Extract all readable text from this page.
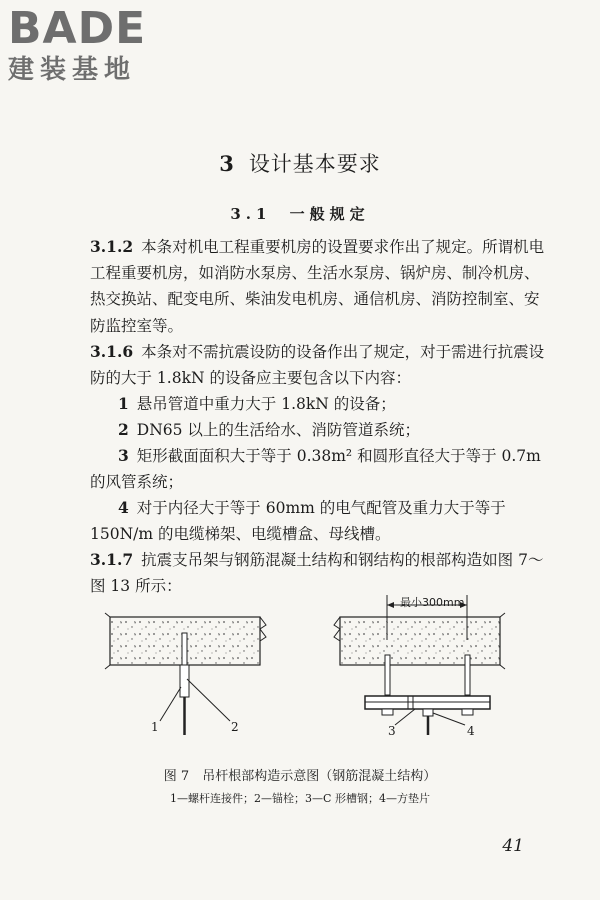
BADE
建装基地
3 设计基本要求
3.1 一般规定
3.1.2 本条对机电工程重要机房的设置要求作出了规定。所谓机电工程重要机房，如消防水泵房、生活水泵房、锅炉房、制冷机房、热交换站、配变电所、柴油发电机房、通信机房、消防控制室、安防监控室等。
3.1.6 本条对不需抗震设防的设备作出了规定，对于需进行抗震设防的大于 1.8kN 的设备应主要包含以下内容：
1 悬吊管道中重力大于 1.8kN 的设备；
2 DN65 以上的生活给水、消防管道系统；
3 矩形截面面积大于等于 0.38m² 和圆形直径大于等于 0.7m 的风管系统；
4 对于内径大于等于 60mm 的电气配管及重力大于等于 150N/m 的电缆梯架、电缆槽盒、母线槽。
3.1.7 抗震支吊架与钢筋混凝土结构和钢结构的根部构造如图 7～图 13 所示：
最小300mm
1	2	3	4
图 7　吊杆根部构造示意图（钢筋混凝土结构）
1—螺杆连接件；2—锚栓；3—C 形槽钢；4—方垫片
41
